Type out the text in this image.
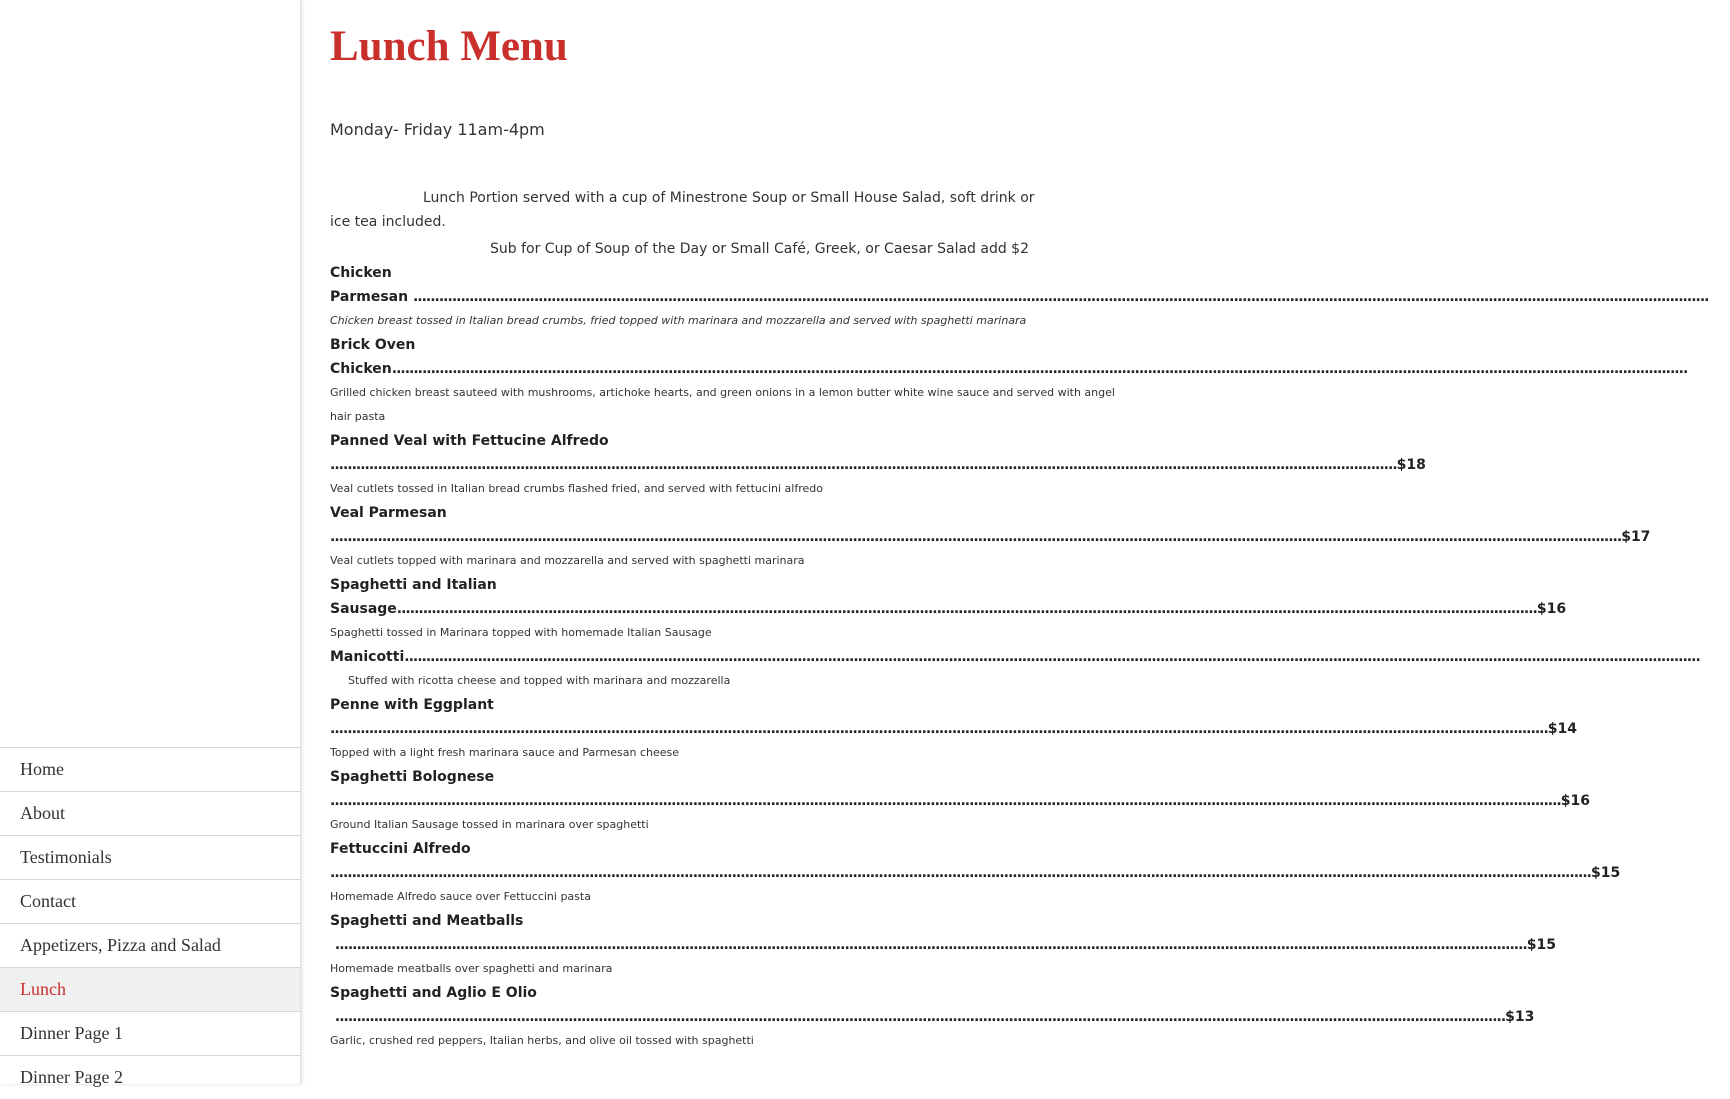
Home
About
Testimonials
Contact
Appetizers, Pizza and Salad
Lunch
Dinner Page 1
Dinner Page 2
Lunch Menu
Monday- Friday 11am-4pm
Lunch Portion served with a cup of Minestrone Soup or Small House Salad, soft drink or
ice tea included.
Sub for Cup of Soup of the Day or Small Café, Greek, or Caesar Salad add $2
Chicken
Parmesan ............................................................................................................................................................................................................................................................................................................
Chicken breast tossed in Italian bread crumbs, fried topped with marinara and mozzarella and served with spaghetti marinara
Brick Oven
Chicken............................................................................................................................................................................................................................................................................................................
Grilled chicken breast sauteed with mushrooms, artichoke hearts, and green onions in a lemon butter white wine sauce and served with angel
hair pasta
Panned Veal with Fettucine Alfredo
.......................................................................................................................................................................................................................................................$18
Veal cutlets tossed in Italian bread crumbs flashed fried, and served with fettucini alfredo
Veal Parmesan
...........................................................................................................................................................................................................................................................................................................$17
Veal cutlets topped with marinara and mozzarella and served with spaghetti marinara
Spaghetti and Italian
Sausage........................................................................................................................................................................................................................................................................$16
Spaghetti tossed in Marinara topped with homemade Italian Sausage
Manicotti............................................................................................................................................................................................................................................................................................................
Stuffed with ricotta cheese and topped with marinara and mozzarella
Penne with Eggplant
..........................................................................................................................................................................................................................................................................................$14
Topped with a light fresh marinara sauce and Parmesan cheese
Spaghetti Bolognese
.............................................................................................................................................................................................................................................................................................$16
Ground Italian Sausage tossed in marinara over spaghetti
Fettuccini Alfredo
....................................................................................................................................................................................................................................................................................................$15
Homemade Alfredo sauce over Fettuccini pasta
Spaghetti and Meatballs
....................................................................................................................................................................................................................................................................................$15
Homemade meatballs over spaghetti and marinara
Spaghetti and Aglio E Olio
...............................................................................................................................................................................................................................................................................$13
Garlic, crushed red peppers, Italian herbs, and olive oil tossed with spaghetti
